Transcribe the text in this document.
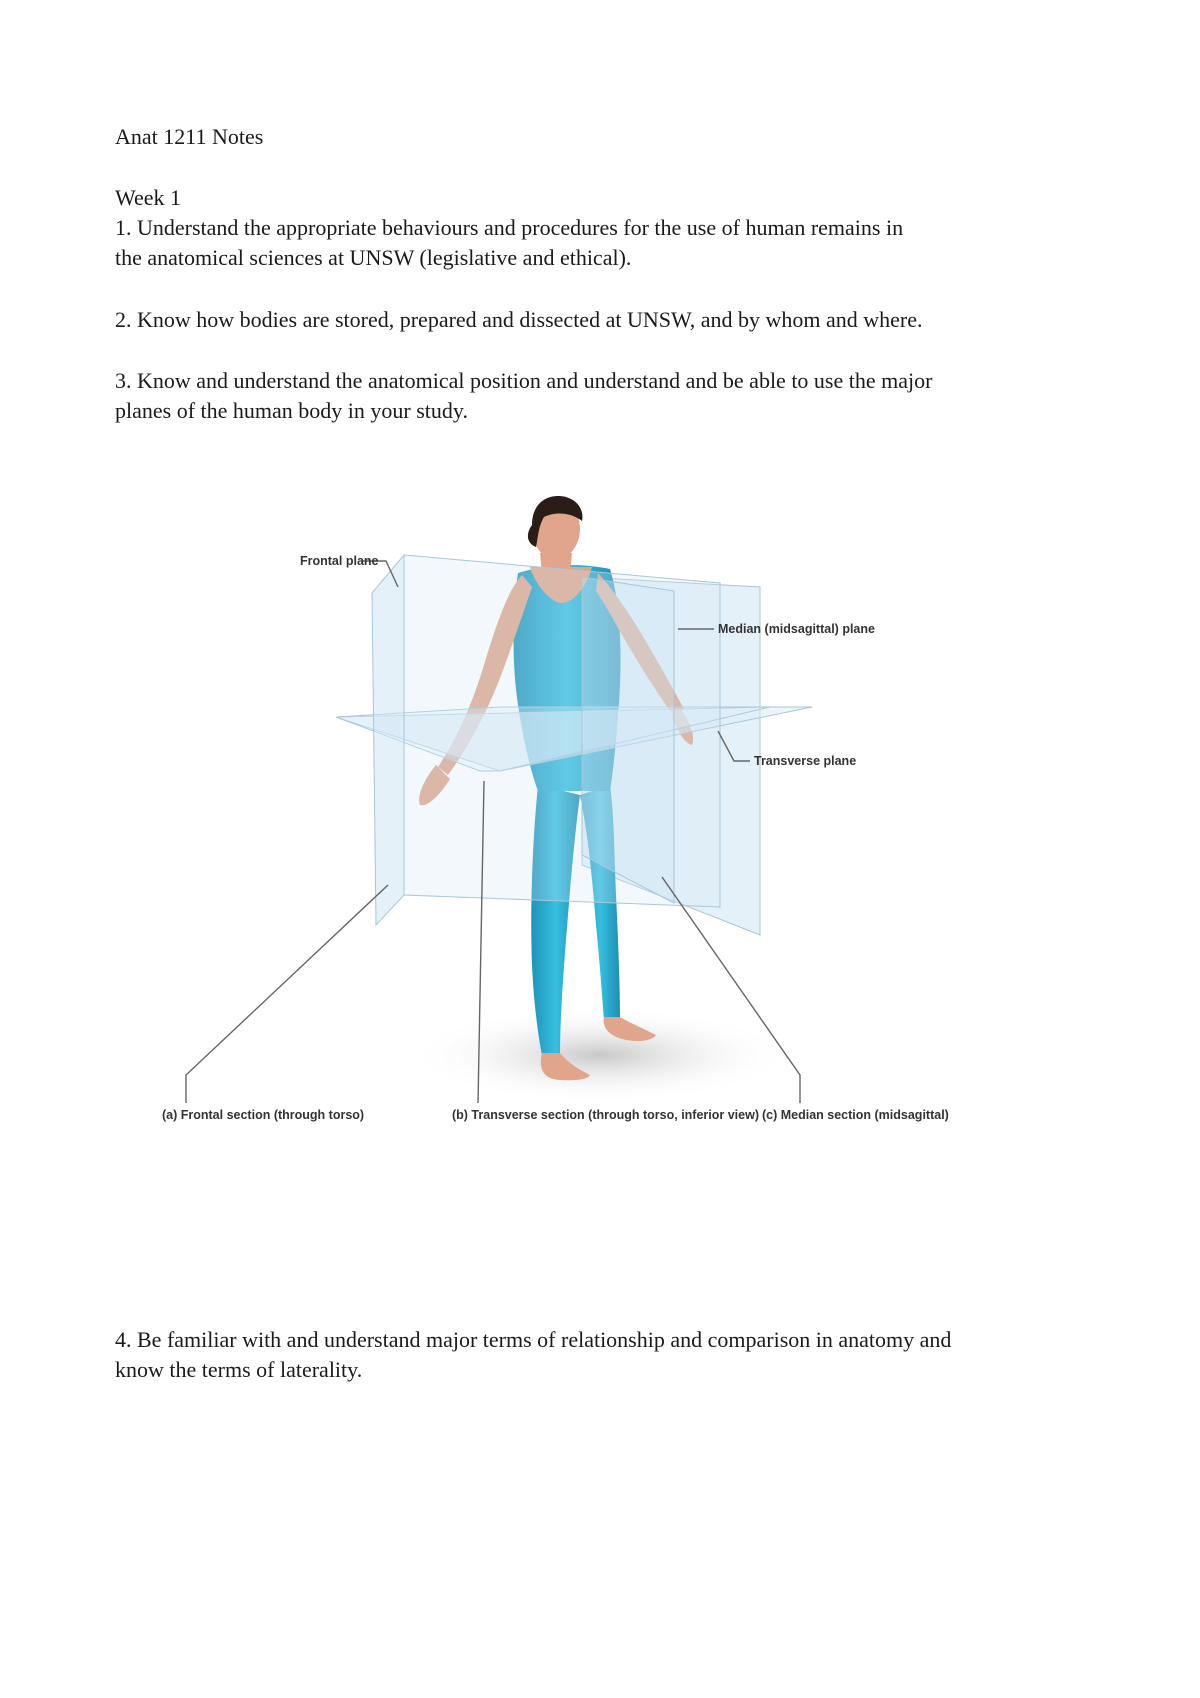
Anat 1211 Notes
Week 1
1. Understand the appropriate behaviours and procedures for the use of human remains in
the anatomical sciences at UNSW (legislative and ethical).
2. Know how bodies are stored, prepared and dissected at UNSW, and by whom and where.
3. Know and understand the anatomical position and understand and be able to use the major
planes of the human body in your study.
Frontal plane
Median (midsagittal) plane
Transverse plane
(a) Frontal section (through torso)	(b) Transverse section (through torso, inferior view) (c) Median section (midsagittal)
4. Be familiar with and understand major terms of relationship and comparison in anatomy and
know the terms of laterality.
